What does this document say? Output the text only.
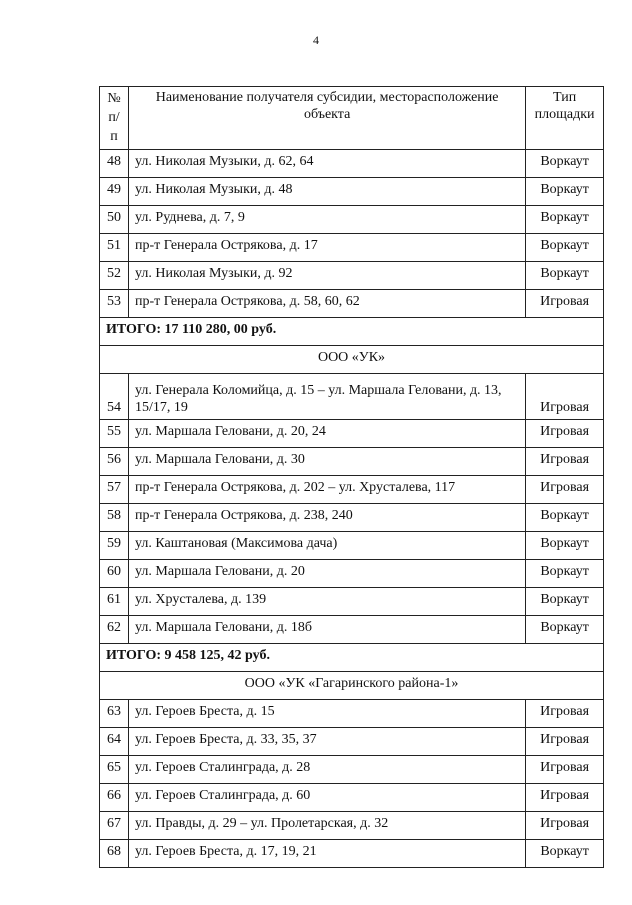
4
№ п/п	Наименование получателя субсидии, месторасположение объекта	Тип площадки
48	ул. Николая Музыки, д. 62, 64	Воркаут
49	ул. Николая Музыки, д. 48	Воркаут
50	ул. Руднева, д. 7, 9	Воркаут
51	пр-т Генерала Острякова, д. 17	Воркаут
52	ул. Николая Музыки, д. 92	Воркаут
53	пр-т Генерала Острякова, д. 58, 60, 62	Игровая
ИТОГО: 17 110 280, 00 руб.		
ООО «УК»		
54	ул. Генерала Коломийца, д. 15 – ул. Маршала Геловани, д. 13, 15/17, 19	Игровая
55	ул. Маршала Геловани, д. 20, 24	Игровая
56	ул. Маршала Геловани, д. 30	Игровая
57	пр-т Генерала Острякова, д. 202 – ул. Хрусталева, 117	Игровая
58	пр-т Генерала Острякова, д. 238, 240	Воркаут
59	ул. Каштановая (Максимова дача)	Воркаут
60	ул. Маршала Геловани, д. 20	Воркаут
61	ул. Хрусталева, д. 139	Воркаут
62	ул. Маршала Геловани, д. 18б	Воркаут
ИТОГО: 9 458 125, 42 руб.		
ООО «УК «Гагаринского района-1»		
63	ул. Героев Бреста, д. 15	Игровая
64	ул. Героев Бреста, д. 33, 35, 37	Игровая
65	ул. Героев Сталинграда, д. 28	Игровая
66	ул. Героев Сталинграда, д. 60	Игровая
67	ул. Правды, д. 29 – ул. Пролетарская, д. 32	Игровая
68	ул. Героев Бреста, д. 17, 19, 21	Воркаут
